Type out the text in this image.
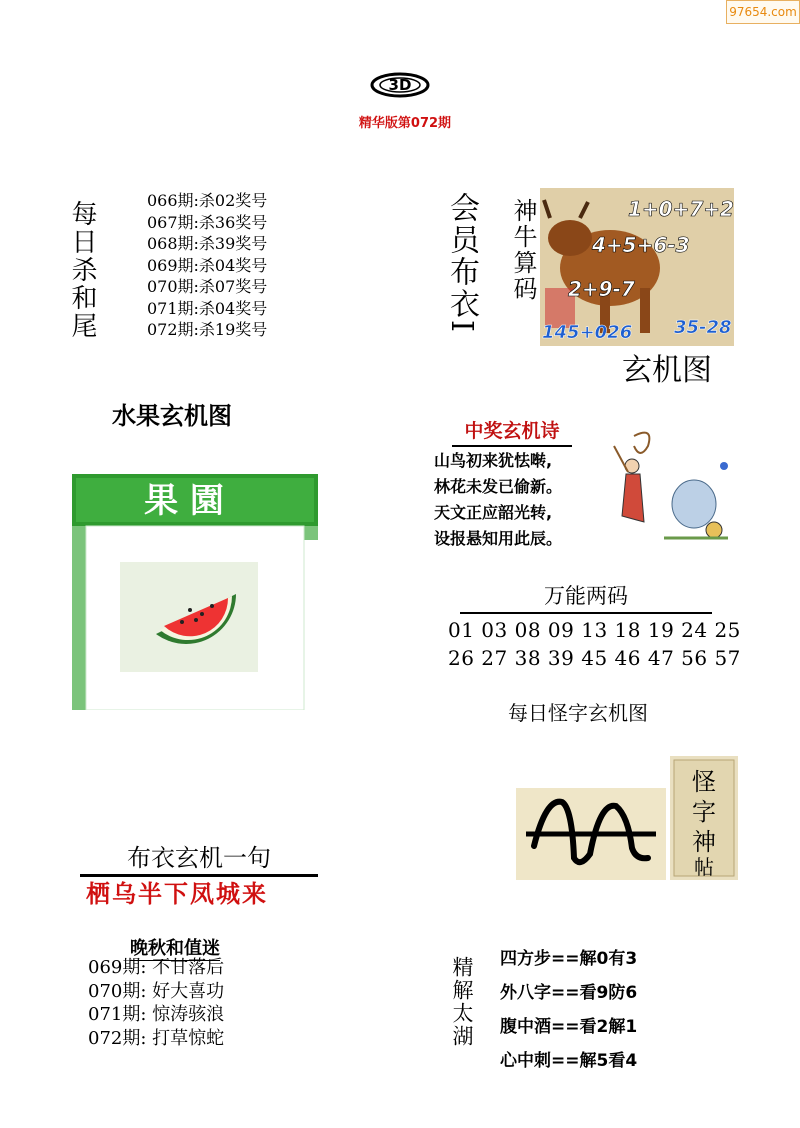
97654.com
3D
精华版第072期
每日杀和尾	066期:杀02奖号
067期:杀36奖号
068期:杀39奖号
069期:杀04奖号
070期:杀07奖号
071期:杀04奖号
072期:杀19奖号	会员布衣I 神牛算码	1+0+7+2
4+5+6-3
2+9-7
145+026 35-28
玄机图
水果玄机图
果 園
中奖玄机诗
山鸟初来犹怯啭,
林花未发已偷新。
天文正应韶光转,
设报悬知用此辰。
万能两码
01 03 08 09 13 18 19 24 25
26 27 38 39 45 46 47 56 57
每日怪字玄机图
怪
字
神
帖
布衣玄机一句
栖乌半下凤城来
晚秋和值迷
069期: 不甘落后
070期: 好大喜功
071期: 惊涛骇浪
072期: 打草惊蛇	精解太湖 四方步==解0有3
外八字==看9防6
腹中酒==看2解1
心中刺==解5看4
